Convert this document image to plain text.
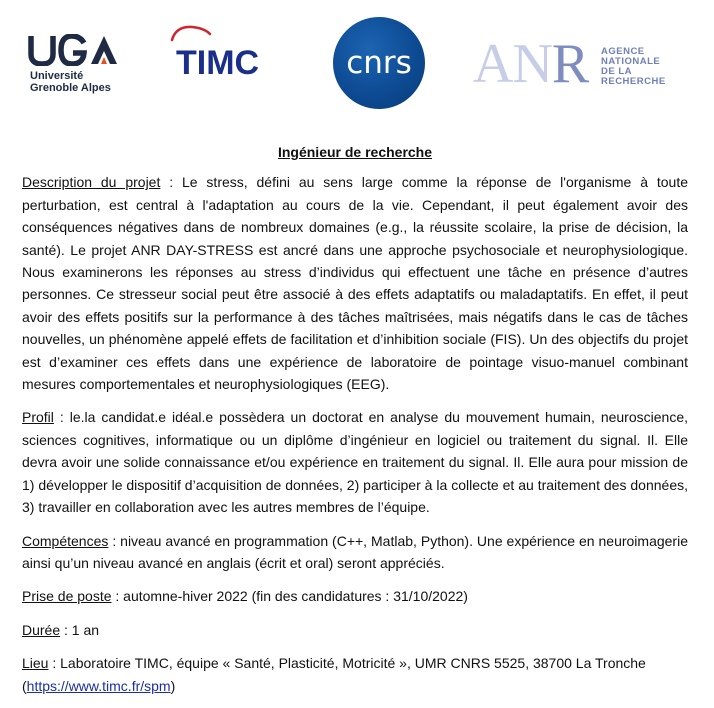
Université
Grenoble Alpes
TIMC	cnrs ANR AGENCE
NATIONALE
DE LA
RECHERCHE
Ingénieur de recherche

Description du projet : Le stress, défini au sens large comme la réponse de l'organisme à toute perturbation, est central à l'adaptation au cours de la vie. Cependant, il peut également avoir des conséquences négatives dans de nombreux domaines (e.g., la réussite scolaire, la prise de décision, la santé). Le projet ANR DAY-STRESS est ancré dans une approche psychosociale et neurophysiologique. Nous examinerons les réponses au stress d’individus qui effectuent une tâche en présence d’autres personnes. Ce stresseur social peut être associé à des effets adaptatifs ou maladaptatifs. En effet, il peut avoir des effets positifs sur la performance à des tâches maîtrisées, mais négatifs dans le cas de tâches nouvelles, un phénomène appelé effets de facilitation et d’inhibition sociale (FIS). Un des objectifs du projet est d’examiner ces effets dans une expérience de laboratoire de pointage visuo-manuel combinant mesures comportementales et neurophysiologiques (EEG).

Profil : le.la candidat.e idéal.e possèdera un doctorat en analyse du mouvement humain, neuroscience, sciences cognitives, informatique ou un diplôme d’ingénieur en logiciel ou traitement du signal. Il. Elle devra avoir une solide connaissance et/ou expérience en traitement du signal. Il. Elle aura pour mission de 1) développer le dispositif d’acquisition de données, 2) participer à la collecte et au traitement des données, 3) travailler en collaboration avec les autres membres de l’équipe.

Compétences : niveau avancé en programmation (C++, Matlab, Python). Une expérience en neuroimagerie ainsi qu’un niveau avancé en anglais (écrit et oral) seront appréciés.

Prise de poste : automne-hiver 2022 (fin des candidatures : 31/10/2022)

Durée : 1 an

Lieu : Laboratoire TIMC, équipe « Santé, Plasticité, Motricité », UMR CNRS 5525, 38700 La Tronche
(https://www.timc.fr/spm)
